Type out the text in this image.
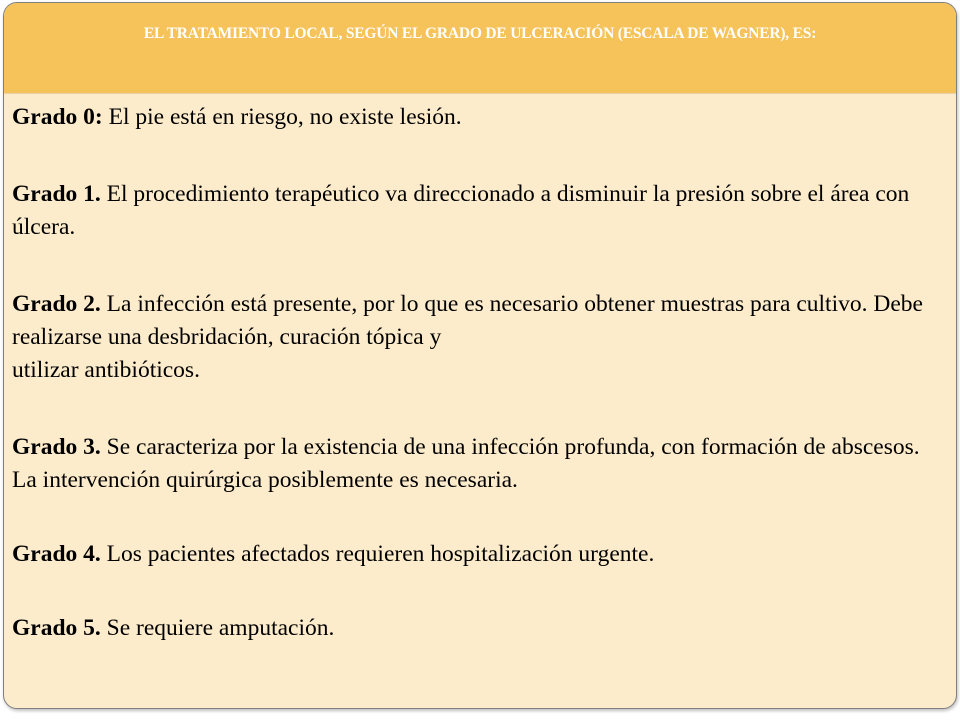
EL TRATAMIENTO LOCAL, SEGÚN EL GRADO DE ULCERACIÓN (ESCALA DE WAGNER), ES:

Grado 0: El pie está en riesgo, no existe lesión.

Grado 1. El procedimiento terapéutico va direccionado a disminuir la presión sobre el área con úlcera.

Grado 2. La infección está presente, por lo que es necesario obtener muestras para cultivo. Debe realizarse una desbridación, curación tópica y
utilizar antibióticos.

Grado 3. Se caracteriza por la existencia de una infección profunda, con formación de abscesos. La intervención quirúrgica posiblemente es necesaria.

Grado 4. Los pacientes afectados requieren hospitalización urgente.

Grado 5. Se requiere amputación.
